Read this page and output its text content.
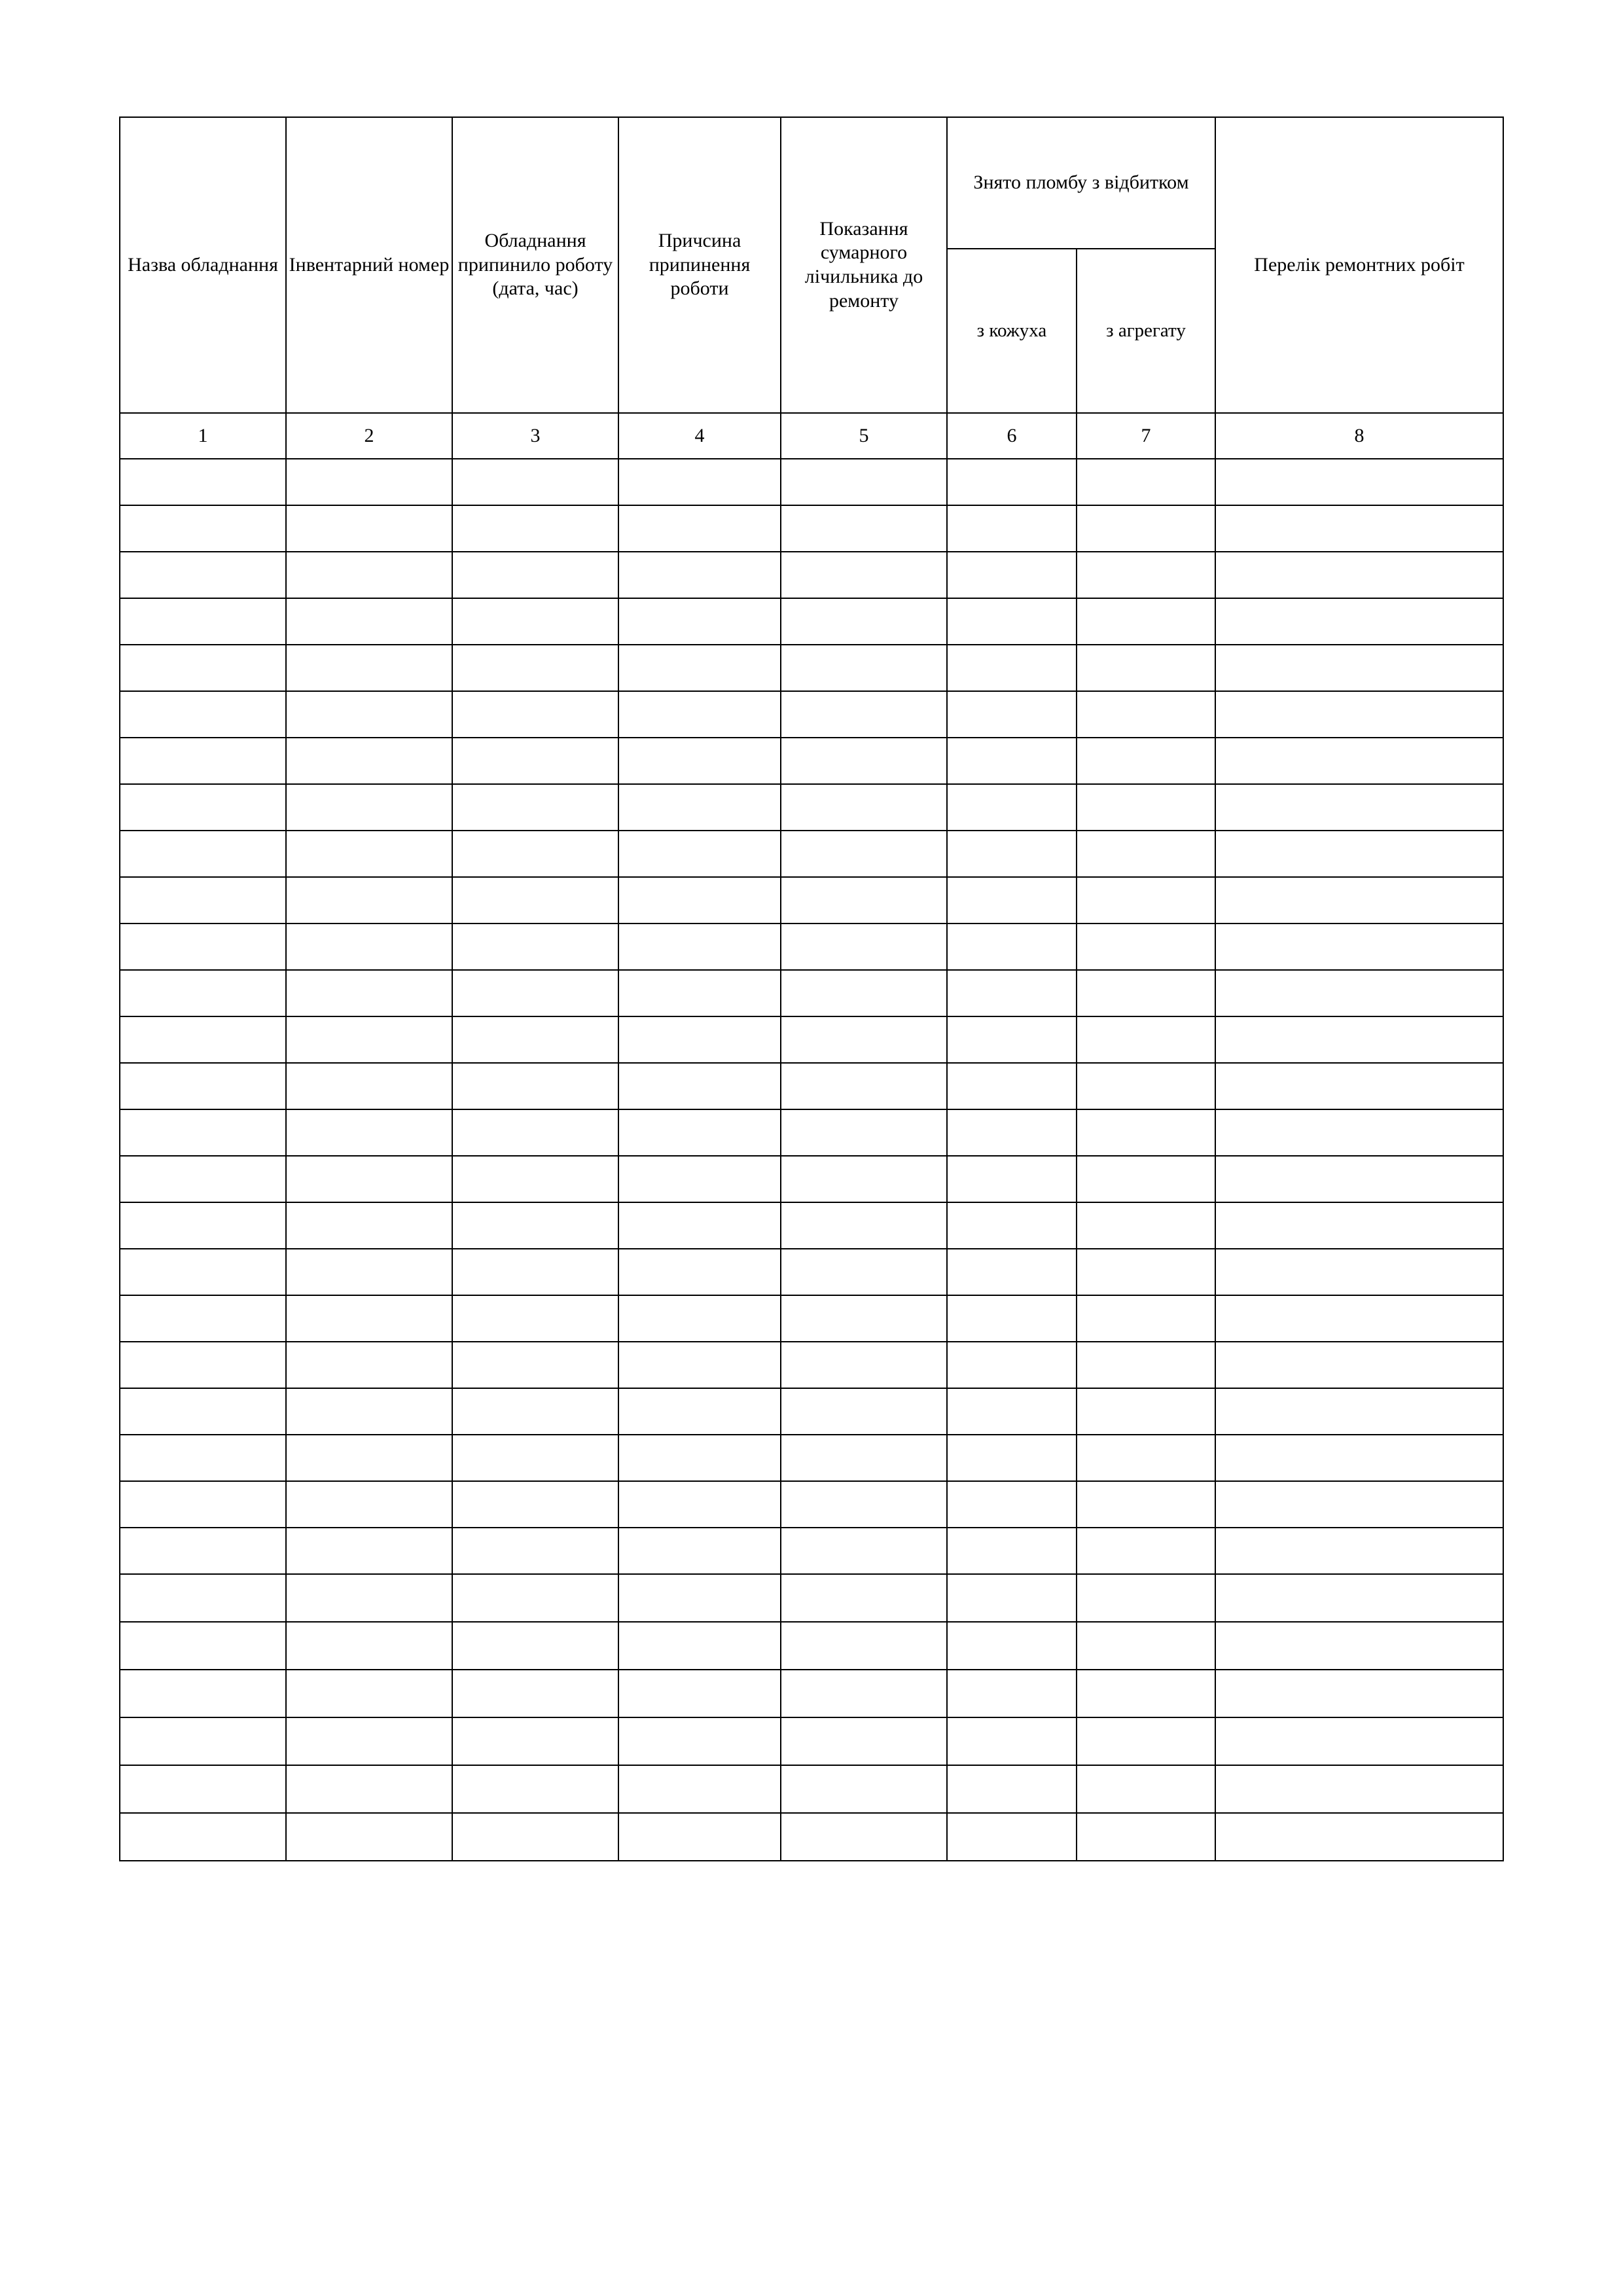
Назва обладнання	Інвентарний номер	Обладнання припинило роботу (дата, час)	Причсина припинення роботи	Показання сумарного лічильника до ремонту	Знято пломбу з відбитком		Перелік ремонтних робіт
					з кожуха	з агрегату	
1	2	3	4	5	6	7	8
